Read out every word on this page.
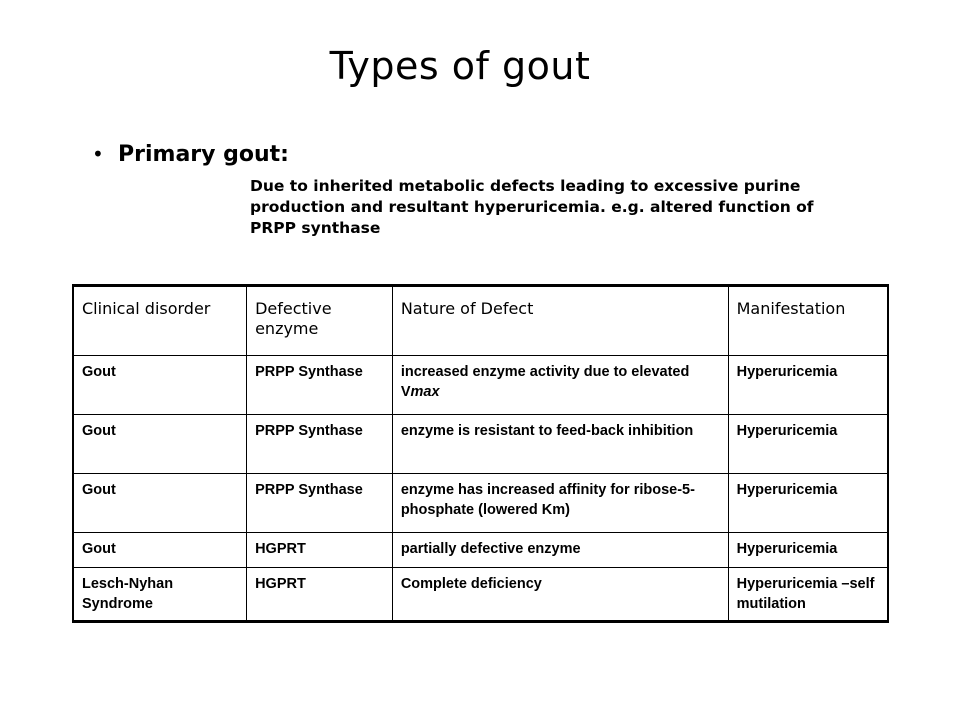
Types of gout
• Primary gout:
Due to inherited metabolic defects leading to excessive purine production and resultant hyperuricemia. e.g. altered function of PRPP synthase
Clinical disorder	Defective enzyme	Nature of Defect	Manifestation
Gout	PRPP Synthase	increased enzyme activity due to elevated Vmax	Hyperuricemia
Gout	PRPP Synthase	enzyme is resistant to feed-back inhibition	Hyperuricemia
Gout	PRPP Synthase	enzyme has increased affinity for ribose-5-phosphate (lowered Km)	Hyperuricemia
Gout	HGPRT	partially defective enzyme	Hyperuricemia
Lesch-Nyhan Syndrome	HGPRT	Complete deficiency	Hyperuricemia –self mutilation
